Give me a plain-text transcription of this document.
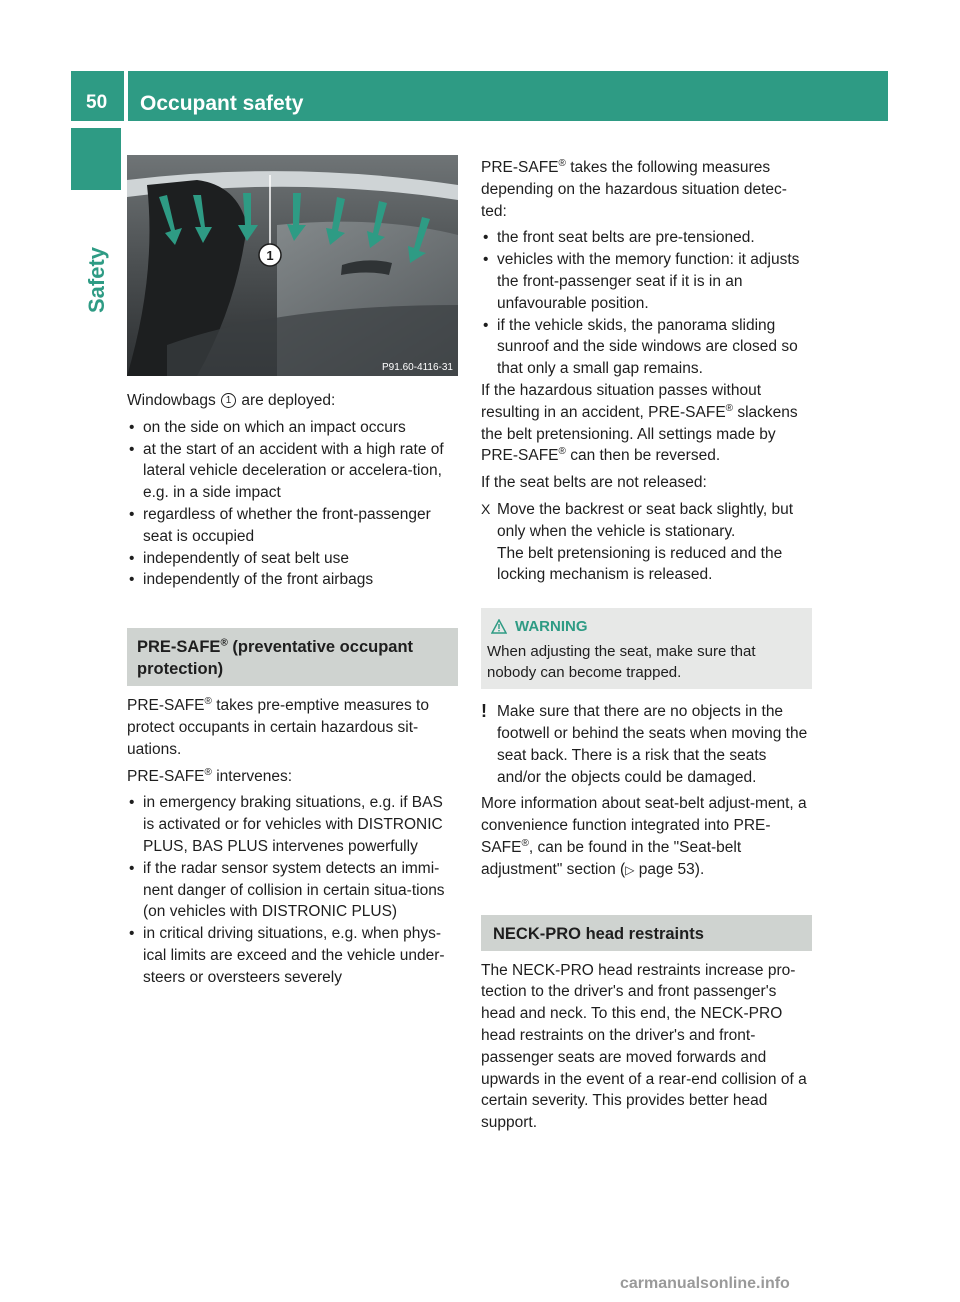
50 Occupant safety
Safety	1
P91.60-4116-31

Windowbags 1 are deployed:

• on the side on which an impact occurs

• at the start of an accident with a high rate of lateral vehicle deceleration or accelera-tion, e.g. in a side impact

• regardless of whether the front-passenger seat is occupied

• independently of seat belt use

• independently of the front airbags

PRE-SAFE® (preventative occupant protection)

PRE-SAFE® takes pre-emptive measures to protect occupants in certain hazardous sit-uations.

PRE-SAFE® intervenes:

• in emergency braking situations, e.g. if BAS is activated or for vehicles with DISTRONIC PLUS, BAS PLUS intervenes powerfully

• if the radar sensor system detects an immi-nent danger of collision in certain situa-tions (on vehicles with DISTRONIC PLUS)

• in critical driving situations, e.g. when phys-ical limits are exceed and the vehicle under-steers or oversteers severely

PRE-SAFE® takes the following measures depending on the hazardous situation detec-ted:

• the front seat belts are pre-tensioned.

• vehicles with the memory function: it adjusts the front-passenger seat if it is in an unfavourable position.

• if the vehicle skids, the panorama sliding sunroof and the side windows are closed so that only a small gap remains.

If the hazardous situation passes without resulting in an accident, PRE-SAFE® slackens the belt pretensioning. All settings made by PRE-SAFE® can then be reversed.

If the seat belts are not released:

X Move the backrest or seat back slightly, but only when the vehicle is stationary.

The belt pretensioning is reduced and the locking mechanism is released.

WARNING

When adjusting the seat, make sure that nobody can become trapped.

! Make sure that there are no objects in the footwell or behind the seats when moving the seat back. There is a risk that the seats and/or the objects could be damaged.

More information about seat-belt adjust-ment, a convenience function integrated into PRE-SAFE®, can be found in the "Seat-belt adjustment" section (▷ page 53).

NECK-PRO head restraints

The NECK-PRO head restraints increase pro-tection to the driver's and front passenger's head and neck. To this end, the NECK-PRO head restraints on the driver's and front-passenger seats are moved forwards and upwards in the event of a rear-end collision of a certain severity. This provides better head support.

carmanualsonline.info
